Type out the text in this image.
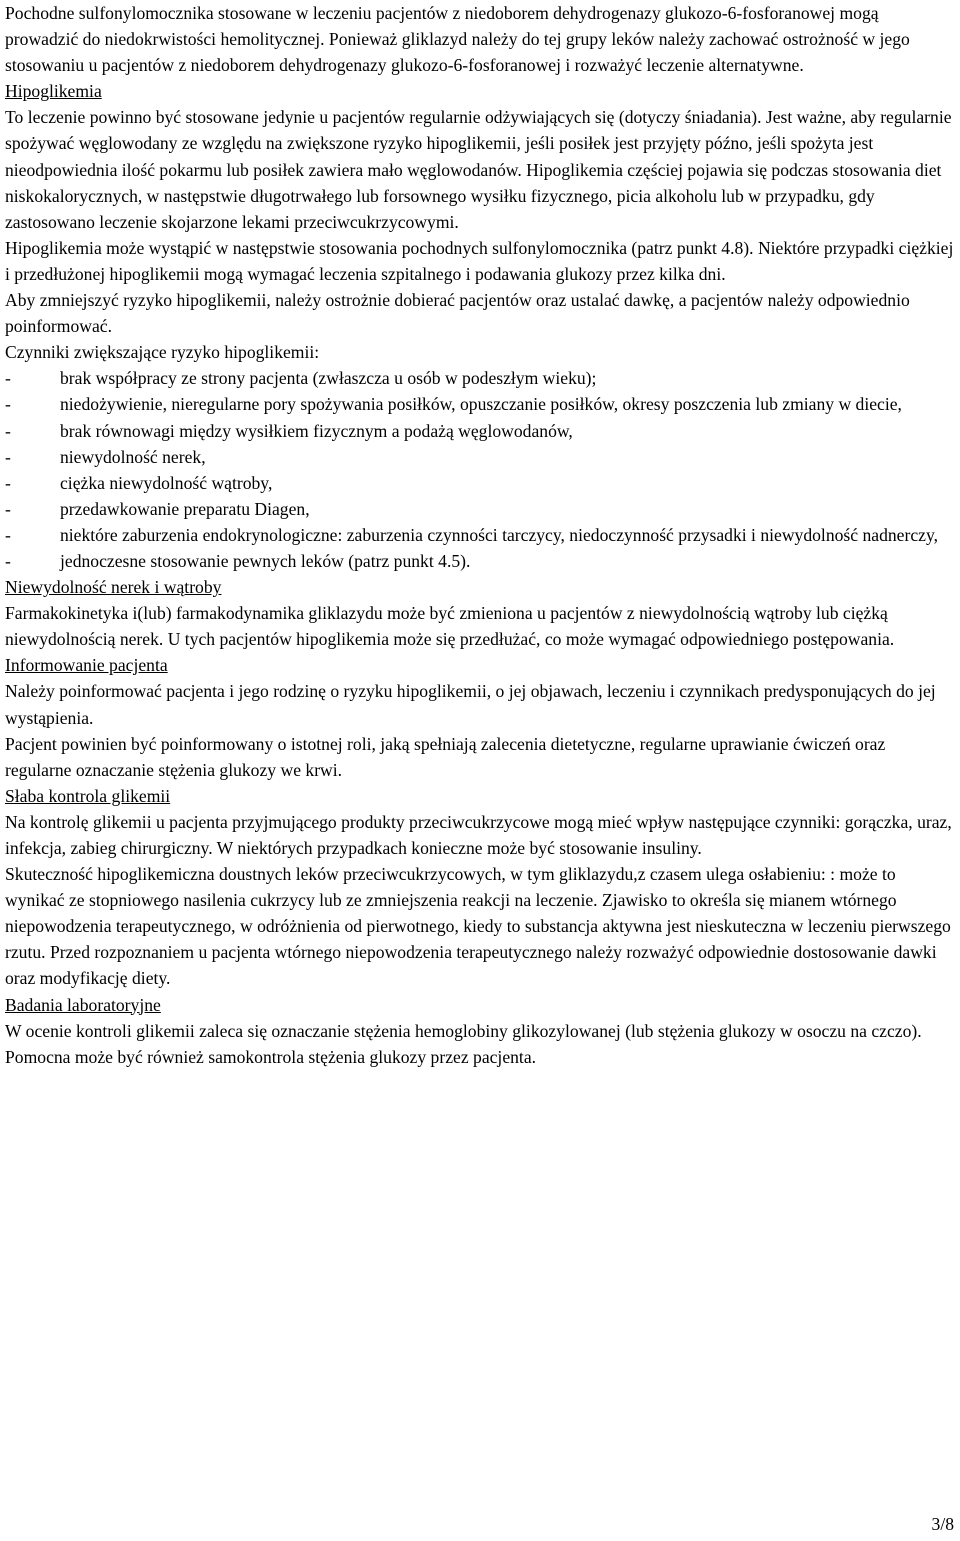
Pochodne sulfonylomocznika stosowane w leczeniu pacjentów z niedoborem dehydrogenazy glukozo-6-fosforanowej mogą prowadzić do niedokrwistości hemolitycznej. Ponieważ gliklazyd należy do tej grupy leków należy zachować ostrożność w jego stosowaniu u pacjentów z niedoborem dehydrogenazy glukozo-6-fosforanowej i rozważyć leczenie alternatywne.

Hipoglikemia

To leczenie powinno być stosowane jedynie u pacjentów regularnie odżywiających się (dotyczy śniadania). Jest ważne, aby regularnie spożywać węglowodany ze względu na zwiększone ryzyko hipoglikemii, jeśli posiłek jest przyjęty późno, jeśli spożyta jest nieodpowiednia ilość pokarmu lub posiłek zawiera mało węglowodanów. Hipoglikemia częściej pojawia się podczas stosowania diet niskokalorycznych, w następstwie długotrwałego lub forsownego wysiłku fizycznego, picia alkoholu lub w przypadku, gdy zastosowano leczenie skojarzone lekami przeciwcukrzycowymi.

Hipoglikemia może wystąpić w następstwie stosowania pochodnych sulfonylomocznika (patrz punkt 4.8). Niektóre przypadki ciężkiej i przedłużonej hipoglikemii mogą wymagać leczenia szpitalnego i podawania glukozy przez kilka dni.

Aby zmniejszyć ryzyko hipoglikemii, należy ostrożnie dobierać pacjentów oraz ustalać dawkę, a pacjentów należy odpowiednio poinformować.

Czynniki zwiększające ryzyko hipoglikemii:

-	brak współpracy ze strony pacjenta (zwłaszcza u osób w podeszłym wieku);
-	niedożywienie, nieregularne pory spożywania posiłków, opuszczanie posiłków, okresy poszczenia lub zmiany w diecie,
-	brak równowagi między wysiłkiem fizycznym a podażą węglowodanów,
-	niewydolność nerek,
-	ciężka niewydolność wątroby,
-	przedawkowanie preparatu Diagen,
-	niektóre zaburzenia endokrynologiczne: zaburzenia czynności tarczycy, niedoczynność przysadki i niewydolność nadnerczy,
-	jednoczesne stosowanie pewnych leków (patrz punkt 4.5).
Niewydolność nerek i wątroby

Farmakokinetyka i(lub) farmakodynamika gliklazydu może być zmieniona u pacjentów z niewydolnością wątroby lub ciężką niewydolnością nerek. U tych pacjentów hipoglikemia może się przedłużać, co może wymagać odpowiedniego postępowania.

Informowanie pacjenta

Należy poinformować pacjenta i jego rodzinę o ryzyku hipoglikemii, o jej objawach, leczeniu i czynnikach predysponujących do jej wystąpienia.

Pacjent powinien być poinformowany o istotnej roli, jaką spełniają zalecenia dietetyczne, regularne uprawianie ćwiczeń oraz regularne oznaczanie stężenia glukozy we krwi.

Słaba kontrola glikemii

Na kontrolę glikemii u pacjenta przyjmującego produkty przeciwcukrzycowe mogą mieć wpływ następujące czynniki: gorączka, uraz, infekcja, zabieg chirurgiczny. W niektórych przypadkach konieczne może być stosowanie insuliny.

Skuteczność hipoglikemiczna doustnych leków przeciwcukrzycowych, w tym gliklazydu,z czasem ulega osłabieniu: : może to wynikać ze stopniowego nasilenia cukrzycy lub ze zmniejszenia reakcji na leczenie. Zjawisko to określa się mianem wtórnego niepowodzenia terapeutycznego, w odróżnienia od pierwotnego, kiedy to substancja aktywna jest nieskuteczna w leczeniu pierwszego rzutu. Przed rozpoznaniem u pacjenta wtórnego niepowodzenia terapeutycznego należy rozważyć odpowiednie dostosowanie dawki oraz modyfikację diety.

Badania laboratoryjne

W ocenie kontroli glikemii zaleca się oznaczanie stężenia hemoglobiny glikozylowanej (lub stężenia glukozy w osoczu na czczo). Pomocna może być również samokontrola stężenia glukozy przez pacjenta.

3/8
